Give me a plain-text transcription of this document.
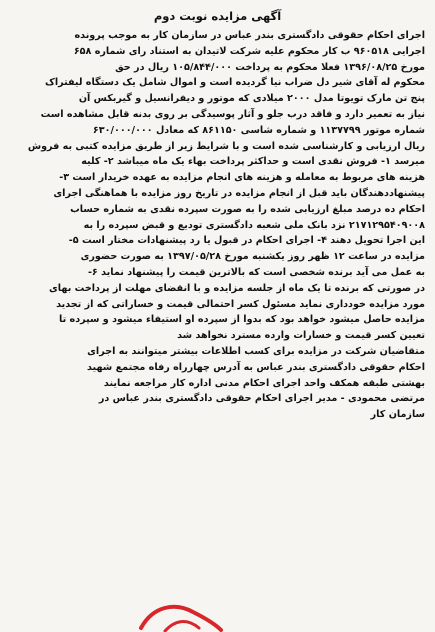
آگهی مزایده نوبت دوم
اجرای احکام حقوقی دادگستری بندر عباس در سازمان کار به موجب پرونده
اجرایی ۹۶۰۵۱۸ ب کار محکوم علیه شرکت لاتیدان به استناد رای شماره ۶۵۸
مورخ ۱۳۹۶/۰۸/۲۵ فعلا محکوم به پرداخت ۱۰۵/۸۴۴/۰۰۰ ریال در حق
محکوم له آقای شیر دل ضراب نیا گردیده است و اموال شامل یک دستگاه لیفتراک
پنج تن مارک تویوتا مدل ۲۰۰۰ میلادی که موتور و دیفرانسیل و گیربکس آن
نیاز به تعمیر دارد و فاقد درب جلو و آثار پوسیدگی بر روی بدنه قابل مشاهده است
شماره موتور ۱۱۳۷۷۹۹ و شماره شاسی ۸۶۱۱۵۰ که معادل ۶۳۰/۰۰۰/۰۰۰
ریال ارزیابی و کارشناسی شده است و با شرایط زیر از طریق مزایده کتبی به فروش
میرسد ۱- فروش نقدی است و حداکثر پرداخت بهاء یک ماه میباشد ۲- کلیه
هزینه های مربوط به معامله و هزینه های انجام مزایده به عهده خریدار است ۳-
پیشنهاددهندگان باید قبل از انجام مزایده در تاریخ روز مزایده با هماهنگی اجرای
احکام ده درصد مبلغ ارزیابی شده را به صورت سپرده نقدی به شماره حساب
۲۱۷۱۲۹۵۴۰۹۰۰۸ نزد بانک ملی شعبه دادگستری تودیع و قبض سپرده را به
این اجرا تحویل دهند ۴- اجرای احکام در قبول یا رد پیشنهادات مختار است ۵-
مزایده در ساعت ۱۲ ظهر روز یکشنبه مورخ ۱۳۹۷/۰۵/۲۸ به صورت حضوری
به عمل می آید برنده شخصی است که بالاترین قیمت را پیشنهاد نماید ۶-
در صورتی که برنده تا یک ماه از جلسه مزایده و با انقضای مهلت از پرداخت بهای
مورد مزایده خودداری نماید مسئول کسر احتمالی قیمت و خساراتی که از تجدید
مزایده حاصل میشود خواهد بود که بدوا از سپرده او استیفاء میشود و سپرده تا
تعیین کسر قیمت و خسارات وارده مسترد نخواهد شد
متقاضیان شرکت در مزایده برای کسب اطلاعات بیشتر میتوانند به اجرای
احکام حقوقی دادگستری بندر عباس به آدرس چهارراه رفاه مجتمع شهید
بهشتی طبقه همکف واحد اجرای احکام مدنی اداره کار مراجعه نمایند
مرتضی محمودی - مدیر اجرای احکام حقوقی دادگستری بندر عباس در
سازمان کار
